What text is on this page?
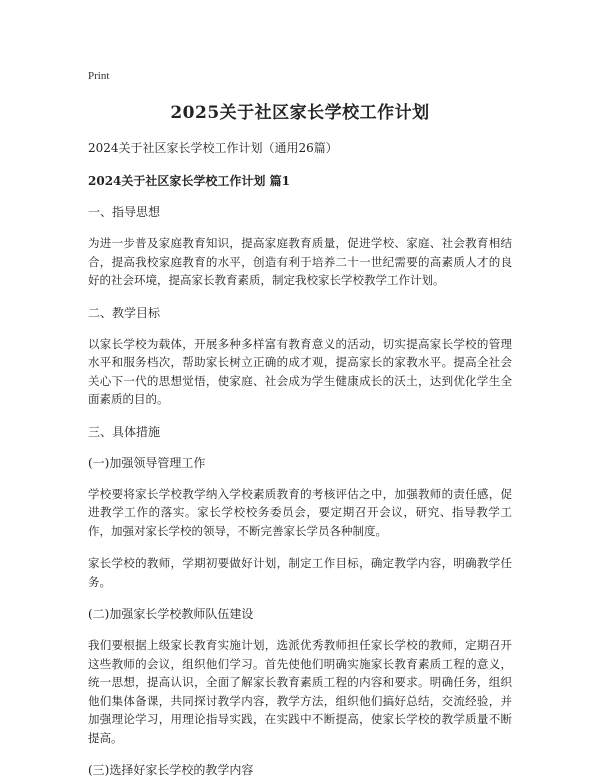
Print
2025关于社区家长学校工作计划
2024关于社区家长学校工作计划（通用26篇）
2024关于社区家长学校工作计划 篇1
一、指导思想
为进一步普及家庭教育知识，提高家庭教育质量，促进学校、家庭、社会教育相结合，提高我校家庭教育的水平，创造有利于培养二十一世纪需要的高素质人才的良好的社会环境，提高家长教育素质，制定我校家长学校教学工作计划。
二、教学目标
以家长学校为载体，开展多种多样富有教育意义的活动，切实提高家长学校的管理水平和服务档次，帮助家长树立正确的成才观，提高家长的家教水平。提高全社会关心下一代的思想觉悟，使家庭、社会成为学生健康成长的沃土，达到优化学生全面素质的目的。
三、具体措施
(一)加强领导管理工作
学校要将家长学校教学纳入学校素质教育的考核评估之中，加强教师的责任感，促进教学工作的落实。家长学校校务委员会，要定期召开会议，研究、指导教学工作，加强对家长学校的领导，不断完善家长学员各种制度。
家长学校的教师，学期初要做好计划，制定工作目标，确定教学内容，明确教学任务。
(二)加强家长学校教师队伍建设
我们要根据上级家长教育实施计划，选派优秀教师担任家长学校的教师，定期召开这些教师的会议，组织他们学习。首先使他们明确实施家长教育素质工程的意义，统一思想，提高认识，全面了解家长教育素质工程的内容和要求。明确任务，组织他们集体备课，共同探讨教学内容，教学方法，组织他们搞好总结，交流经验，并加强理论学习，用理论指导实践，在实践中不断提高，使家长学校的教学质量不断提高。
(三)选择好家长学校的教学内容
